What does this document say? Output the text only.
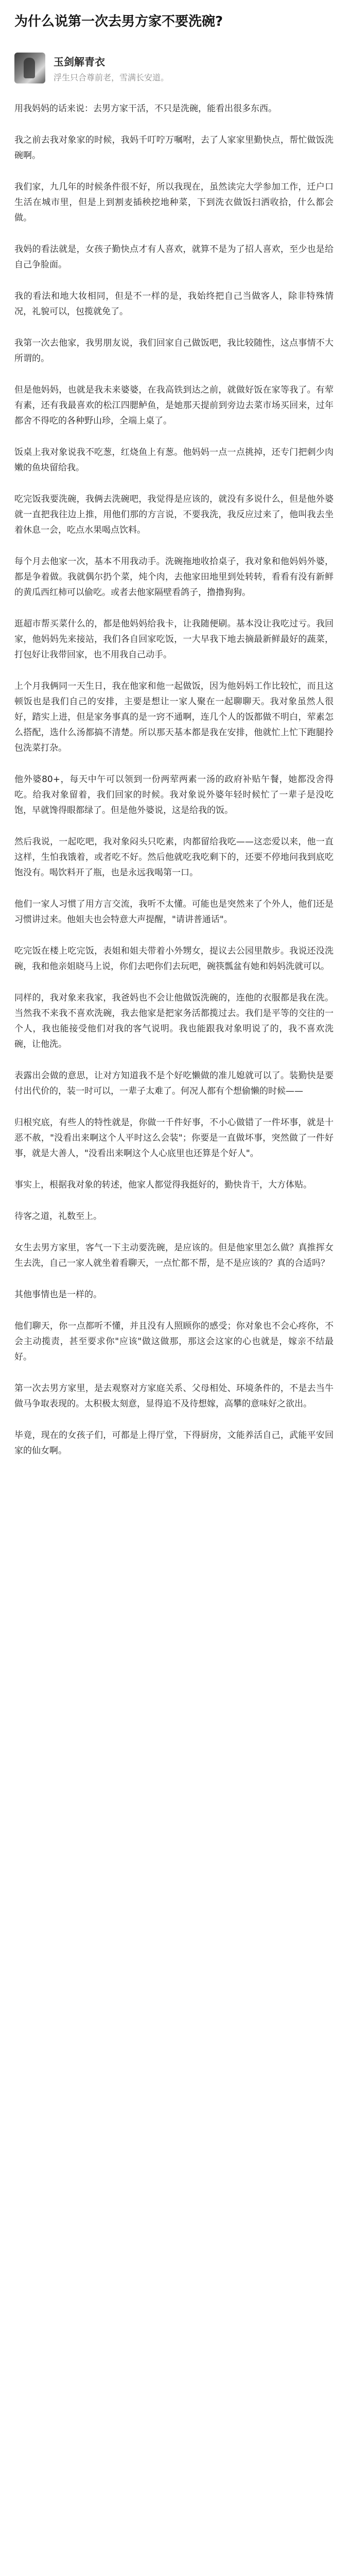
为什么说第一次去男方家不要洗碗?
玉剑解青衣
浮生只合尊前老，雪满长安道。

用我妈妈的话来说：去男方家干活，不只是洗碗，能看出很多东西。

我之前去我对象家的时候，我妈千叮咛万嘱咐，去了人家家里勤快点，帮忙做饭洗碗啊。

我们家，九几年的时候条件很不好，所以我现在，虽然读完大学参加工作，迁户口生活在城市里，但是上到割麦插秧挖地种菜，下到洗衣做饭扫洒收拾，什么都会做。

我妈的看法就是，女孩子勤快点才有人喜欢，就算不是为了招人喜欢，至少也是给自己争脸面。

我的看法和地大妆相同，但是不一样的是，我始终把自己当做客人，除非特殊情况，礼貌可以，包揽就免了。

我第一次去他家，我男朋友说，我们回家自己做饭吧，我比较随性，这点事情不大所谓的。

但是他妈妈，也就是我未来婆婆，在我高铁到达之前，就做好饭在家等我了。有荤有素，还有我最喜欢的松江四腮鲈鱼，是她那天提前到旁边去菜市场买回来，过年都舍不得吃的各种野山珍，全端上桌了。

饭桌上我对象说我不吃葱，红烧鱼上有葱。他妈妈一点一点挑掉，还专门把刺少肉嫩的鱼块留给我。

吃完饭我要洗碗，我俩去洗碗吧，我觉得是应该的，就没有多说什么，但是他外婆就一直把我往边上推，用他们那的方言说，不要我洗，我反应过来了，他叫我去坐着休息一会，吃点水果喝点饮料。

每个月去他家一次，基本不用我动手。洗碗拖地收拾桌子，我对象和他妈妈外婆，都是争着做。我就偶尔扔个菜，炖个肉，去他家田地里到处转转，看看有没有新鲜的黄瓜西红柿可以偷吃。或者去他家隔壁看鸽子，撸撸狗狗。

逛超市帮买菜什么的，都是他妈妈给我卡，让我随便刷。基本没让我吃过亏。我回家，他妈妈先来接站，我们各自回家吃饭，一大早我下地去摘最新鲜最好的蔬菜，打包好让我带回家，也不用我自己动手。

上个月我俩同一天生日，我在他家和他一起做饭，因为他妈妈工作比较忙，而且这顿饭也是我们自己的安排，主要是想让一家人聚在一起聊聊天。我对象虽然人很好，踏实上进，但是家务事真的是一窍不通啊，连几个人的饭都做不明白，荤素怎么搭配，选什么汤都搞不清楚。所以那天基本都是我在安排，他就忙上忙下跑腿拎包洗菜打杂。

他外婆80+，每天中午可以领到一份两荤两素一汤的政府补贴午餐，她都没舍得吃。给我对象留着，我们回家的时候。我对象说外婆年轻时候忙了一辈子是没吃饱，早就馋得眼都绿了。但是他外婆说，这是给我的饭。

然后我说，一起吃吧，我对象闷头只吃素，肉都留给我吃——这恋爱以来，他一直这样，生怕我饿着，或者吃不好。然后他就吃我吃剩下的，还要不停地问我到底吃饱没有。喝饮料开了瓶，也是永远我喝第一口。

他们一家人习惯了用方言交流，我听不太懂。可能也是突然来了个外人，他们还是习惯讲过来。他姐夫也会特意大声提醒，"请讲普通话"。

吃完饭在楼上吃完饭，表姐和姐夫带着小外甥女，提议去公园里散步。我说还没洗碗，我和他亲姐晓马上说，你们去吧你们去玩吧，碗筷瓢盆有她和妈妈洗就可以。

同样的，我对象来我家，我爸妈也不会让他做饭洗碗的，连他的衣服都是我在洗。当然我不来我不喜欢洗碗，我去他家是把家务活都揽过去。我们是平等的交往的一个人，我也能接受他们对我的客气说明。我也能跟我对象明说了的，我不喜欢洗碗，让他洗。

表露出会做的意思，让对方知道我不是个好吃懒做的准儿媳就可以了。装勤快是要付出代价的，装一时可以，一辈子太难了。何况人都有个想偷懒的时候——

归根究底，有些人的特性就是，你做一千件好事，不小心做错了一件坏事，就是十恶不赦，"没看出来啊这个人平时这么会装"；你要是一直做坏事，突然做了一件好事，就是大善人，"没看出来啊这个人心底里也还算是个好人"。

事实上，根据我对象的转述，他家人都觉得我挺好的，勤快肯干，大方体贴。

待客之道，礼数至上。

女生去男方家里，客气一下主动要洗碗，是应该的。但是他家里怎么做？真推挥女生去洗，自己一家人就坐着看聊天，一点忙都不帮，是不是应该的？真的合适吗？

其他事情也是一样的。

他们聊天，你一点都听不懂，并且没有人照顾你的感受；你对象也不会心疼你，不会主动揽责，甚至要求你"应该"做这做那，那这会这家的心也就是，嫁亲不结最好。

第一次去男方家里，是去观察对方家庭关系、父母相处、环境条件的，不是去当牛做马争取表现的。太积极太刻意，显得追不及待想嫁，高攀的意味好之欲出。

毕竟，现在的女孩子们，可都是上得厅堂，下得厨房，文能养活自己，武能平安回家的仙女啊。
